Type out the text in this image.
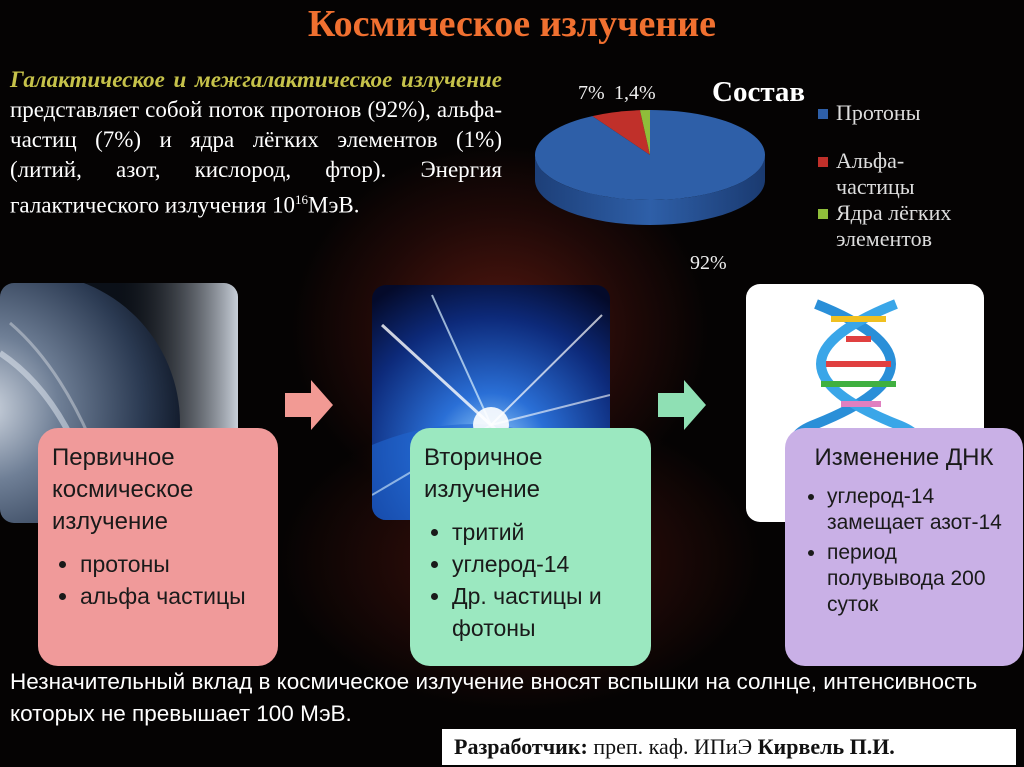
Космическое излучение
Галактическое и межгалактическое излучение представляет собой поток протонов (92%), альфа-частиц (7%) и ядра лёгких элементов (1%) (литий, азот, кислород, фтор). Энергия галактического излучения $10^{16}МэВ$.
7% 1,4%
92%
Состав
Протоны
Альфа-частицы
Ядра лёгких элементов
Первичное космическое излучение
• протоны
• альфа частицы
Вторичное излучение
• тритий
• углерод-14
• Др. частицы и фотоны
Изменение ДНК
• углерод-14 замещает азот-14
• период полувывода 200 суток
Незначительный вклад в космическое излучение вносят вспышки на солнце, интенсивность которых не превышает 100 МэВ.
Разработчик: преп. каф. ИПиЭ Кирвель П.И.
